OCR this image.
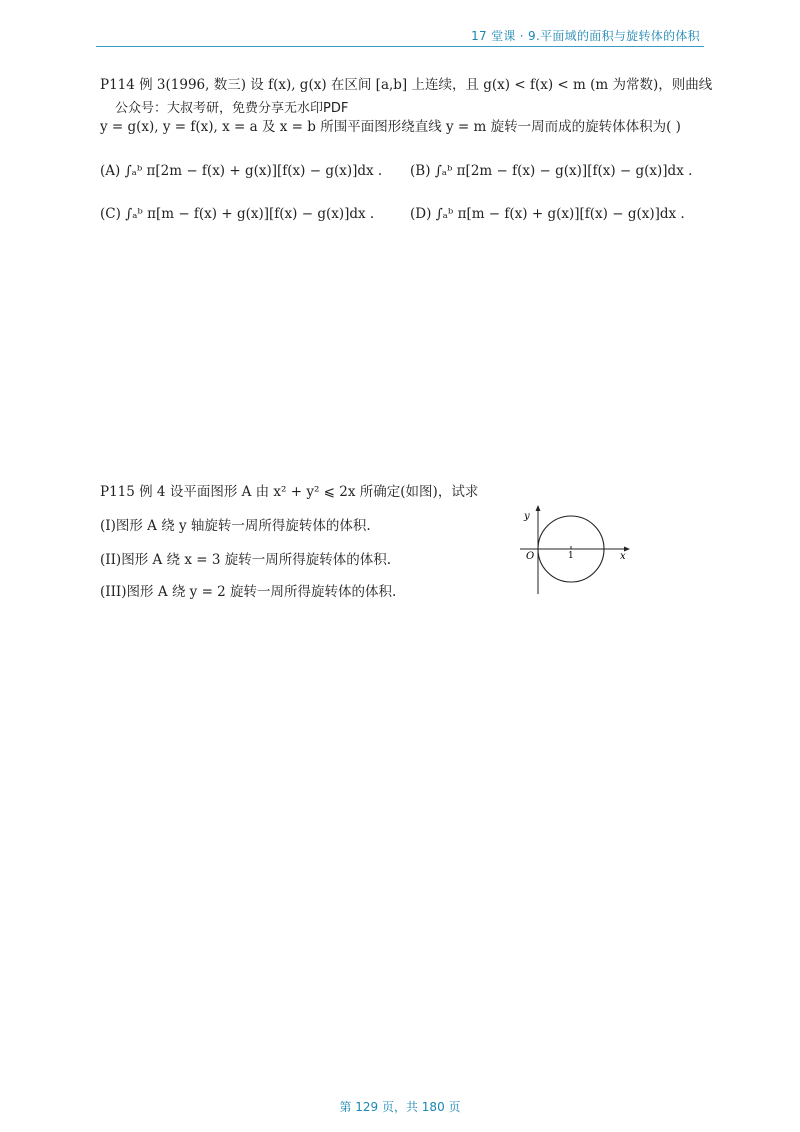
17 堂课 · 9.平面域的面积与旋转体的体积
P114 例 3(1996, 数三) 设 f(x), g(x) 在区间 [a,b] 上连续，且 g(x) < f(x) < m (m 为常数)，则曲线
公众号：大叔考研，免费分享无水印PDF
y = g(x), y = f(x), x = a 及 x = b 所围平面图形绕直线 y = m 旋转一周而成的旋转体体积为( )
(A) ∫ₐᵇ π[2m − f(x) + g(x)][f(x) − g(x)]dx . (B) ∫ₐᵇ π[2m − f(x) − g(x)][f(x) − g(x)]dx .
(C) ∫ₐᵇ π[m − f(x) + g(x)][f(x) − g(x)]dx .	(D) ∫ₐᵇ π[m − f(x) + g(x)][f(x) − g(x)]dx .
P115 例 4 设平面图形 A 由 x² + y² ⩽ 2x 所确定(如图)，试求
(I)图形 A 绕 y 轴旋转一周所得旋转体的体积.
(II)图形 A 绕 x = 3 旋转一周所得旋转体的体积.
(III)图形 A 绕 y = 2 旋转一周所得旋转体的体积.
y
x
O	1
第 129 页，共 180 页
